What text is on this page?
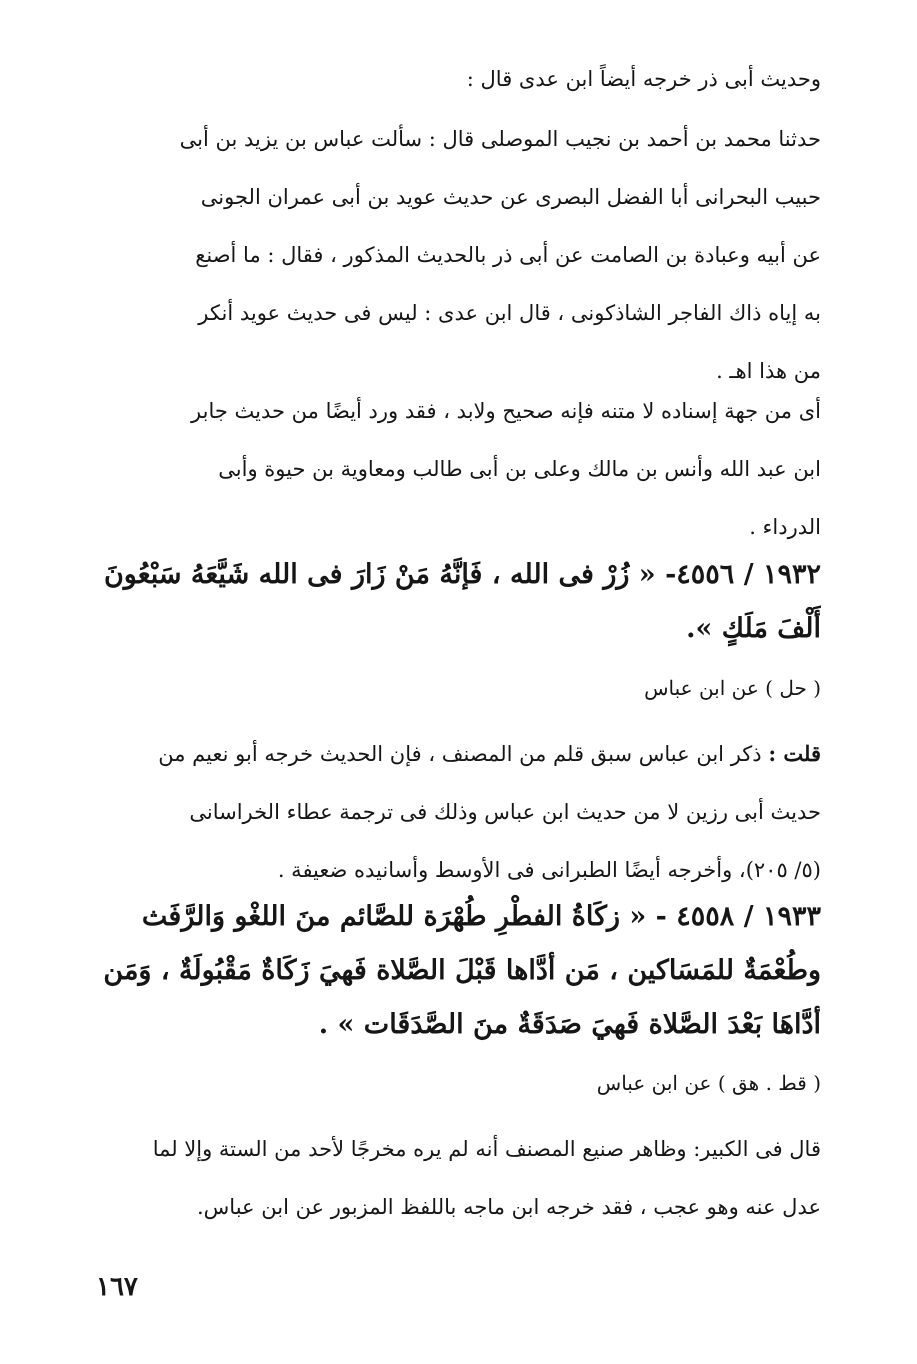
وحديث أبى ذر خرجه أيضاً ابن عدى قال :
حدثنا محمد بن أحمد بن نجيب الموصلى قال : سألت عباس بن يزيد بن أبى
حبيب البحرانى أبا الفضل البصرى عن حديث عويد بن أبى عمران الجونى
عن أبيه وعبادة بن الصامت عن أبى ذر بالحديث المذكور ، فقال : ما أصنع
به إياه ذاك الفاجر الشاذكونى ، قال ابن عدى : ليس فى حديث عويد أنكر
من هذا اهـ .
أى من جهة إسناده لا متنه فإنه صحيح ولابد ، فقد ورد أيضًا من حديث جابر
ابن عبد الله وأنس بن مالك وعلى بن أبى طالب ومعاوية بن حيوة وأبى
الدرداء .
١٩٣٢ / ٤٥٥٦- « زُرْ فى الله ، فَإنَّهُ مَنْ زَارَ فى الله شَيَّعَهُ سَبْعُونَ
أَلْفَ مَلَكٍ ».
( حل ) عن ابن عباس
قلت : ذكر ابن عباس سبق قلم من المصنف ، فإن الحديث خرجه أبو نعيم من
حديث أبى رزين لا من حديث ابن عباس وذلك فى ترجمة عطاء الخراسانى
(٥/ ٢٠٥)، وأخرجه أيضًا الطبرانى فى الأوسط وأسانيده ضعيفة .
١٩٣٣ / ٤٥٥٨ - « زكَاةُ الفطْرِ طُهْرَة للصَّائم منَ اللغْو وَالرَّفَث
وطُعْمَةٌ للمَسَاكين ، مَن أدَّاها قَبْلَ الصَّلاة فَهيَ زَكَاةٌ مَقْبُولَةٌ ، وَمَن
أدَّاهَا بَعْدَ الصَّلاة فَهيَ صَدَقَةٌ منَ الصَّدَقَات » .
( قط . هق ) عن ابن عباس
قال فى الكبير: وظاهر صنيع المصنف أنه لم يره مخرجًا لأحد من الستة وإلا لما
عدل عنه وهو عجب ، فقد خرجه ابن ماجه باللفظ المزبور عن ابن عباس.
١٦٧
